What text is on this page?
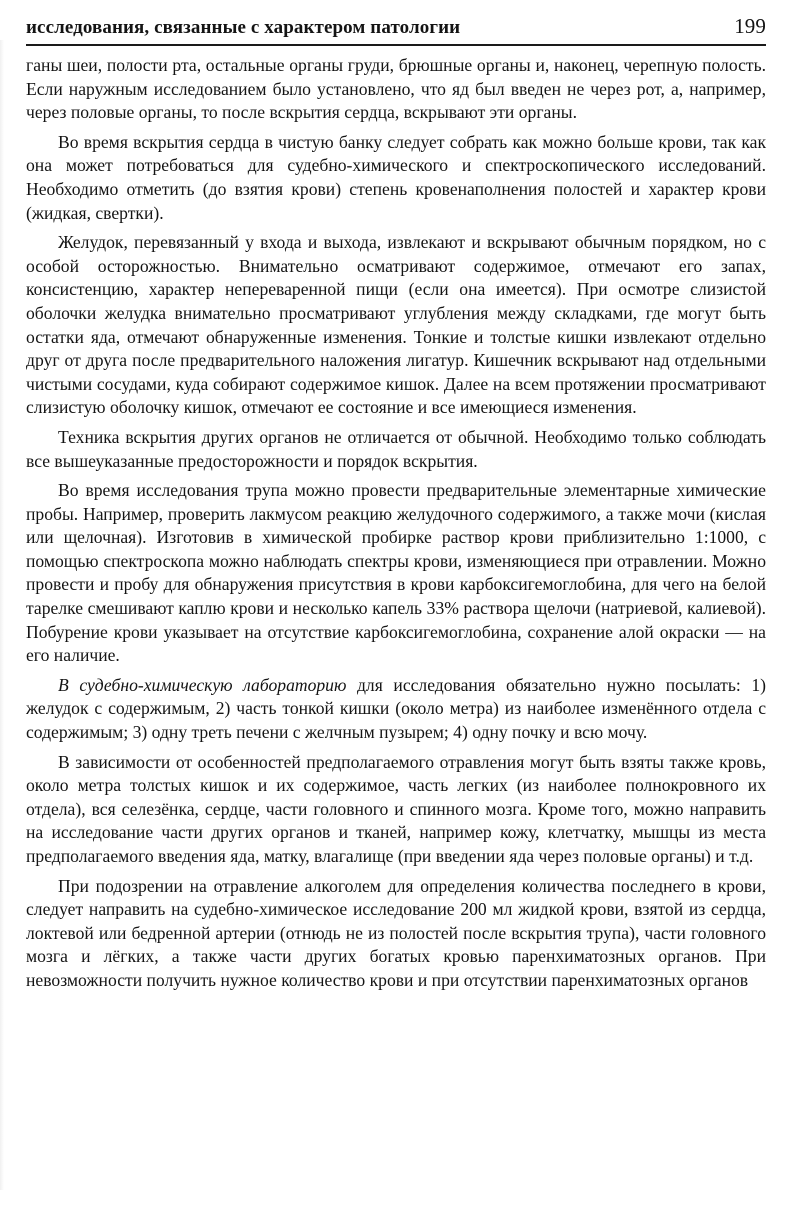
исследования, связанные с характером патологии	199

ганы шеи, полости рта, остальные органы груди, брюшные органы и, наконец, черепную полость. Если наружным исследованием было установлено, что яд был введен не через рот, а, например, через половые органы, то после вскрытия сердца, вскрывают эти органы.

Во время вскрытия сердца в чистую банку следует собрать как можно больше крови, так как она может потребоваться для судебно-химического и спектроскопического исследований. Необходимо отметить (до взятия крови) степень кровенаполнения полостей и характер крови (жидкая, свертки).

Желудок, перевязанный у входа и выхода, извлекают и вскрывают обычным порядком, но с особой осторожностью. Внимательно осматривают содержимое, отмечают его запах, консистенцию, характер непереваренной пищи (если она имеется). При осмотре слизистой оболочки желудка внимательно просматривают углубления между складками, где могут быть остатки яда, отмечают обнаруженные изменения. Тонкие и толстые кишки извлекают отдельно друг от друга после предварительного наложения лигатур. Кишечник вскрывают над отдельными чистыми сосудами, куда собирают содержимое кишок. Далее на всем протяжении просматривают слизистую оболочку кишок, отмечают ее состояние и все имеющиеся изменения.

Техника вскрытия других органов не отличается от обычной. Необходимо только соблюдать все вышеуказанные предосторожности и порядок вскрытия.

Во время исследования трупа можно провести предварительные элементарные химические пробы. Например, проверить лакмусом реакцию желудочного содержимого, а также мочи (кислая или щелочная). Изготовив в химической пробирке раствор крови приблизительно 1:1000, с помощью спектроскопа можно наблюдать спектры крови, изменяющиеся при отравлении. Можно провести и пробу для обнаружения присутствия в крови карбоксигемоглобина, для чего на белой тарелке смешивают каплю крови и несколько капель 33% раствора щелочи (натриевой, калиевой). Побурение крови указывает на отсутствие карбоксигемоглобина, сохранение алой окраски — на его наличие.

В судебно-химическую лабораторию для исследования обязательно нужно посылать: 1) желудок с содержимым, 2) часть тонкой кишки (около метра) из наиболее изменённого отдела с содержимым; 3) одну треть печени с желчным пузырем; 4) одну почку и всю мочу.

В зависимости от особенностей предполагаемого отравления могут быть взяты также кровь, около метра толстых кишок и их содержимое, часть легких (из наиболее полнокровного их отдела), вся селезёнка, сердце, части головного и спинного мозга. Кроме того, можно направить на исследование части других органов и тканей, например кожу, клетчатку, мышцы из места предполагаемого введения яда, матку, влагалище (при введении яда через половые органы) и т.д.

При подозрении на отравление алкоголем для определения количества последнего в крови, следует направить на судебно-химическое исследование 200 мл жидкой крови, взятой из сердца, локтевой или бедренной артерии (отнюдь не из полостей после вскрытия трупа), части головного мозга и лёгких, а также части других богатых кровью паренхиматозных органов. При невозможности получить нужное количество крови и при отсутствии паренхиматозных органов
